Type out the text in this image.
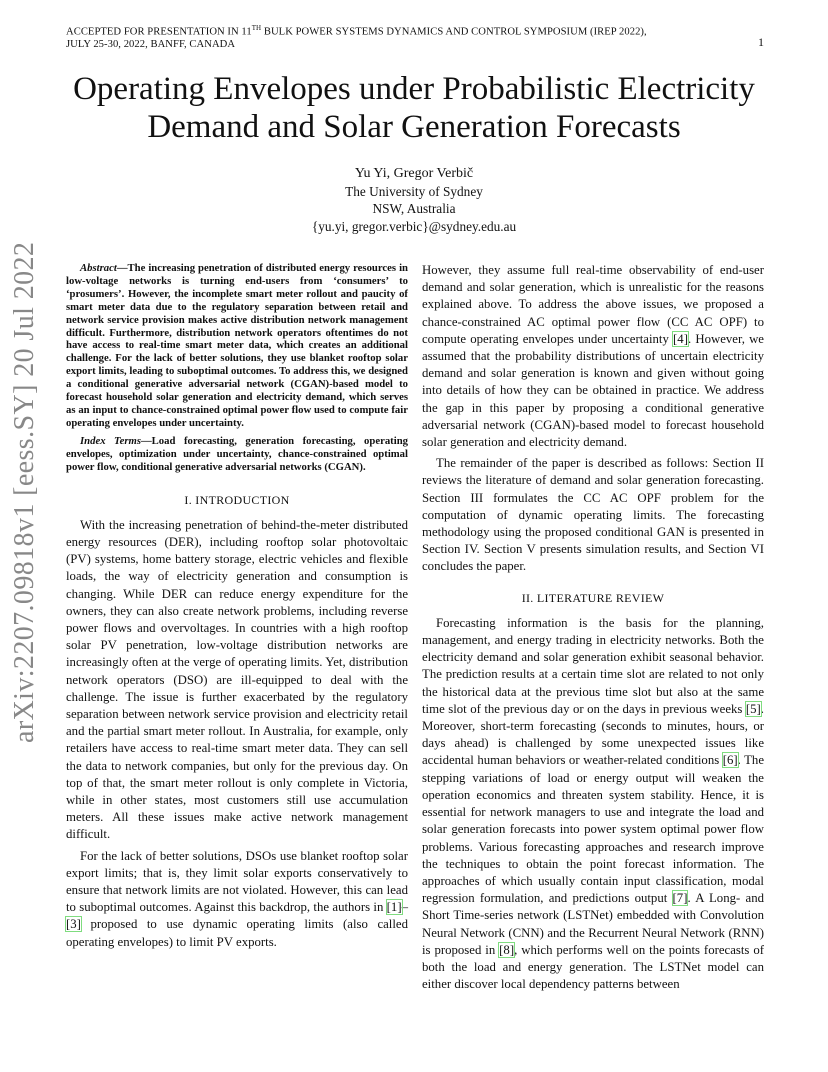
ACCEPTED FOR PRESENTATION IN 11TH BULK POWER SYSTEMS DYNAMICS AND CONTROL SYMPOSIUM (IREP 2022),
JULY 25-30, 2022, BANFF, CANADA	1
Operating Envelopes under Probabilistic Electricity
Demand and Solar Generation Forecasts
Yu Yi, Gregor Verbič
The University of Sydney
NSW, Australia
{yu.yi, gregor.verbic}@sydney.edu.au
arXiv:2207.09818v1 [eess.SY] 20 Jul 2022	Abstract—The increasing penetration of distributed energy resources in low-voltage networks is turning end-users from ‘consumers’ to ‘prosumers’. However, the incomplete smart meter rollout and paucity of smart meter data due to the regulatory separation between retail and network service provision makes active distribution network management difficult. Furthermore, distribution network operators oftentimes do not have access to real-time smart meter data, which creates an additional challenge. For the lack of better solutions, they use blanket rooftop solar export limits, leading to suboptimal outcomes. To address this, we designed a conditional generative adversarial network (CGAN)-based model to forecast household solar generation and electricity demand, which serves as an input to chance-constrained optimal power flow used to compute fair operating envelopes under uncertainty.

Index Terms—Load forecasting, generation forecasting, operating envelopes, optimization under uncertainty, chance-constrained optimal power flow, conditional generative adversarial networks (CGAN).

I. INTRODUCTION

With the increasing penetration of behind-the-meter distributed energy resources (DER), including rooftop solar photovoltaic (PV) systems, home battery storage, electric vehicles and flexible loads, the way of electricity generation and consumption is changing. While DER can reduce energy expenditure for the owners, they can also create network problems, including reverse power flows and overvoltages. In countries with a high rooftop solar PV penetration, low-voltage distribution networks are increasingly often at the verge of operating limits. Yet, distribution network operators (DSO) are ill-equipped to deal with the challenge. The issue is further exacerbated by the regulatory separation between network service provision and electricity retail and the partial smart meter rollout. In Australia, for example, only retailers have access to real-time smart meter data. They can sell the data to network companies, but only for the previous day. On top of that, the smart meter rollout is only complete in Victoria, while in other states, most customers still use accumulation meters. All these issues make active network management difficult.

For the lack of better solutions, DSOs use blanket rooftop solar export limits; that is, they limit solar exports conservatively to ensure that network limits are not violated. However, this can lead to suboptimal outcomes. Against this backdrop, the authors in [1]–[3] proposed to use dynamic operating limits (also called operating envelopes) to limit PV exports.

However, they assume full real-time observability of end-user demand and solar generation, which is unrealistic for the reasons explained above. To address the above issues, we proposed a chance-constrained AC optimal power flow (CC AC OPF) to compute operating envelopes under uncertainty [4]. However, we assumed that the probability distributions of uncertain electricity demand and solar generation is known and given without going into details of how they can be obtained in practice. We address the gap in this paper by proposing a conditional generative adversarial network (CGAN)-based model to forecast household solar generation and electricity demand.

The remainder of the paper is described as follows: Section II reviews the literature of demand and solar generation forecasting. Section III formulates the CC AC OPF problem for the computation of dynamic operating limits. The forecasting methodology using the proposed conditional GAN is presented in Section IV. Section V presents simulation results, and Section VI concludes the paper.

II. LITERATURE REVIEW

Forecasting information is the basis for the planning, management, and energy trading in electricity networks. Both the electricity demand and solar generation exhibit seasonal behavior. The prediction results at a certain time slot are related to not only the historical data at the previous time slot but also at the same time slot of the previous day or on the days in previous weeks [5]. Moreover, short-term forecasting (seconds to minutes, hours, or days ahead) is challenged by some unexpected issues like accidental human behaviors or weather-related conditions [6]. The stepping variations of load or energy output will weaken the operation economics and threaten system stability. Hence, it is essential for network managers to use and integrate the load and solar generation forecasts into power system optimal power flow problems. Various forecasting approaches and research improve the techniques to obtain the point forecast information. The approaches of which usually contain input classification, modal regression formulation, and predictions output [7]. A Long- and Short Time-series network (LSTNet) embedded with Convolution Neural Network (CNN) and the Recurrent Neural Network (RNN) is proposed in [8], which performs well on the points forecasts of both the load and energy generation. The LSTNet model can either discover local dependency patterns between
